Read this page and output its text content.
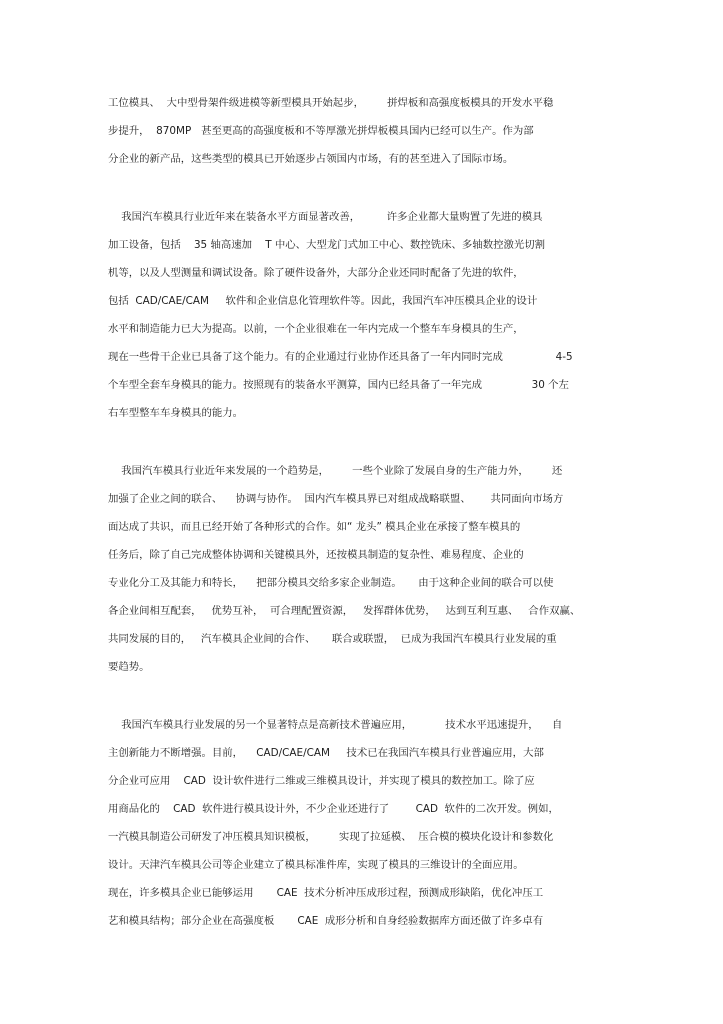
工位模具、  大中型骨架件级进模等新型模具开始起步，       拼焊板和高强度板模具的开发水平稳
步提升，  870MP   甚至更高的高强度板和不等厚激光拼焊板模具国内已经可以生产。作为部
分企业的新产品，这些类型的模具已开始逐步占领国内市场，有的甚至进入了国际市场。
我国汽车模具行业近年来在装备水平方面显著改善，        许多企业都大量购置了先进的模具
加工设备，包括    35 轴高速加    T 中心、大型龙门式加工中心、数控铣床、多轴数控激光切割
机等，以及人型测量和调试设备。除了硬件设备外，大部分企业还同时配备了先进的软件，
包括  CAD/CAE/CAM     软件和企业信息化管理软件等。因此，我国汽车冲压模具企业的设计
水平和制造能力已大为提高。以前，一个企业很难在一年内完成一个整车车身模具的生产，
现在一些骨干企业已具备了这个能力。有的企业通过行业协作还具备了一年内同时完成                4-5
个车型全套车身模具的能力。按照现有的装备水平测算，国内已经具备了一年完成               30 个左
右车型整车车身模具的能力。
我国汽车模具行业近年来发展的一个趋势是，       一些个业除了发展自身的生产能力外，       还
加强了企业之间的联合、    协调与协作。  国内汽车模具界已对组成战略联盟、      共同面向市场方
面达成了共识，而且已经开始了各种形式的合作。如“ 龙头” 模具企业在承接了整车模具的
任务后，除了自己完成整体协调和关键模具外，还按模具制造的复杂性、难易程度、企业的
专业化分工及其能力和特长，    把部分模具交给多家企业制造。     由于这种企业间的联合可以使
各企业间相互配套，   优势互补，  可合理配置资源，   发挥群体优势，   达到互利互惠、   合作双赢、
共同发展的目的，   汽车模具企业间的合作、     联合或联盟，  已成为我国汽车模具行业发展的重
要趋势。
我国汽车模具行业发展的另一个显著特点是高新技术普遍应用，          技术水平迅速提升，    自
主创新能力不断增强。目前，    CAD/CAE/CAM     技术已在我国汽车模具行业普遍应用，大部
分企业可应用    CAD  设计软件进行二维或三维模具设计，并实现了模具的数控加工。除了应
用商品化的    CAD  软件进行模具设计外，不少企业还进行了        CAD  软件的二次开发。例如，
一汽模具制造公司研发了冲压模具知识模板，       实现了拉延模、  压合模的模块化设计和参数化
设计。天津汽车模具公司等企业建立了模具标准件库，实现了模具的三维设计的全面应用。
现在，许多模具企业已能够运用       CAE  技术分析冲压成形过程，预测成形缺陷，优化冲压工
艺和模具结构；部分企业在高强度板       CAE  成形分析和自身经验数据库方面还做了许多卓有
